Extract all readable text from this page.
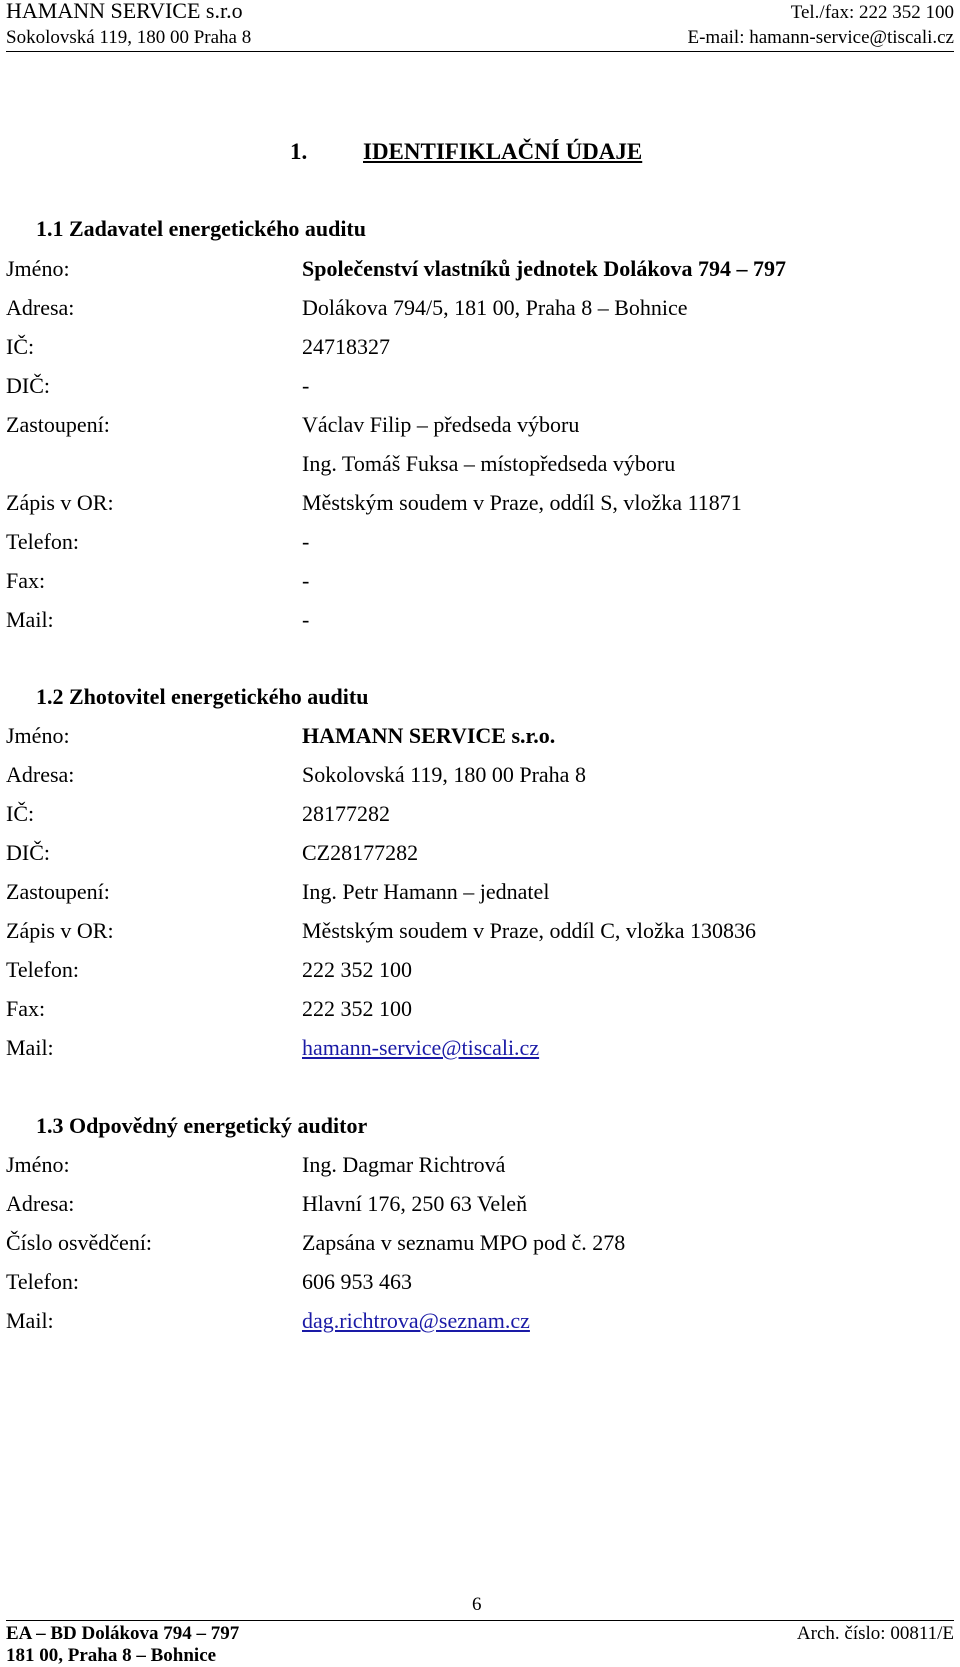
HAMANN SERVICE s.r.o
Sokolovská 119, 180 00 Praha 8
Tel./fax: 222 352 100
E-mail: hamann-service@tiscali.cz
1. IDENTIFIKLAČNÍ ÚDAJE
1.1 Zadavatel energetického auditu
Jméno:	Společenství vlastníků jednotek Dolákova 794 – 797
Adresa:	Dolákova 794/5, 181 00, Praha 8 – Bohnice
IČ:	24718327
DIČ:	-
Zastoupení:	Václav Filip – předseda výboru
Ing. Tomáš Fuksa – místopředseda výboru
Zápis v OR:	Městským soudem v Praze, oddíl S, vložka 11871
Telefon:	-
Fax:	-
Mail:	-
1.2 Zhotovitel energetického auditu
Jméno:	HAMANN SERVICE s.r.o.
Adresa:	Sokolovská 119, 180 00 Praha 8
IČ:	28177282
DIČ:	CZ28177282
Zastoupení:	Ing. Petr Hamann – jednatel
Zápis v OR:	Městským soudem v Praze, oddíl C, vložka 130836
Telefon:	222 352 100
Fax:	222 352 100
Mail:	hamann-service@tiscali.cz
1.3 Odpovědný energetický auditor
Jméno:	Ing. Dagmar Richtrová
Adresa:	Hlavní 176, 250 63 Veleň
Číslo osvědčení:	Zapsána v seznamu MPO pod č. 278
Telefon:	606 953 463
Mail:	dag.richtrova@seznam.cz
6
EA – BD Dolákova 794 – 797
181 00, Praha 8 – Bohnice
Arch. číslo: 00811/E
